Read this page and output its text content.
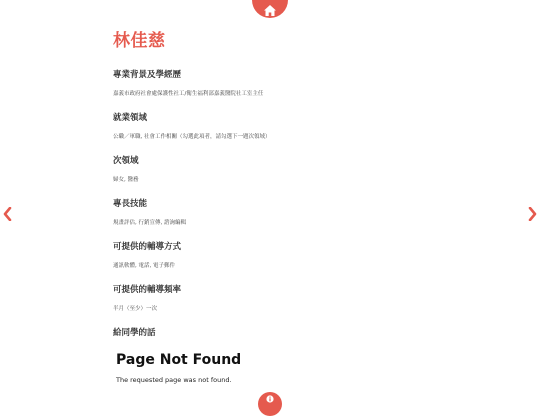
林佳慈
專業背景及學經歷

嘉義市政府社會處保護性社工/衛生福利部嘉義醫院社工室主任

就業領域

公職／軍職, 社會工作相關（勾選此項者，請勾選下一題次領域）

次領域

婦女, 醫務

專長技能

規畫評估, 行銷宣傳, 諮詢編輯

可提供的輔導方式

通訊軟體, 電話, 電子郵件

可提供的輔導頻率

半月（至少）一次

給同學的話
Page Not Found

The requested page was not found.
